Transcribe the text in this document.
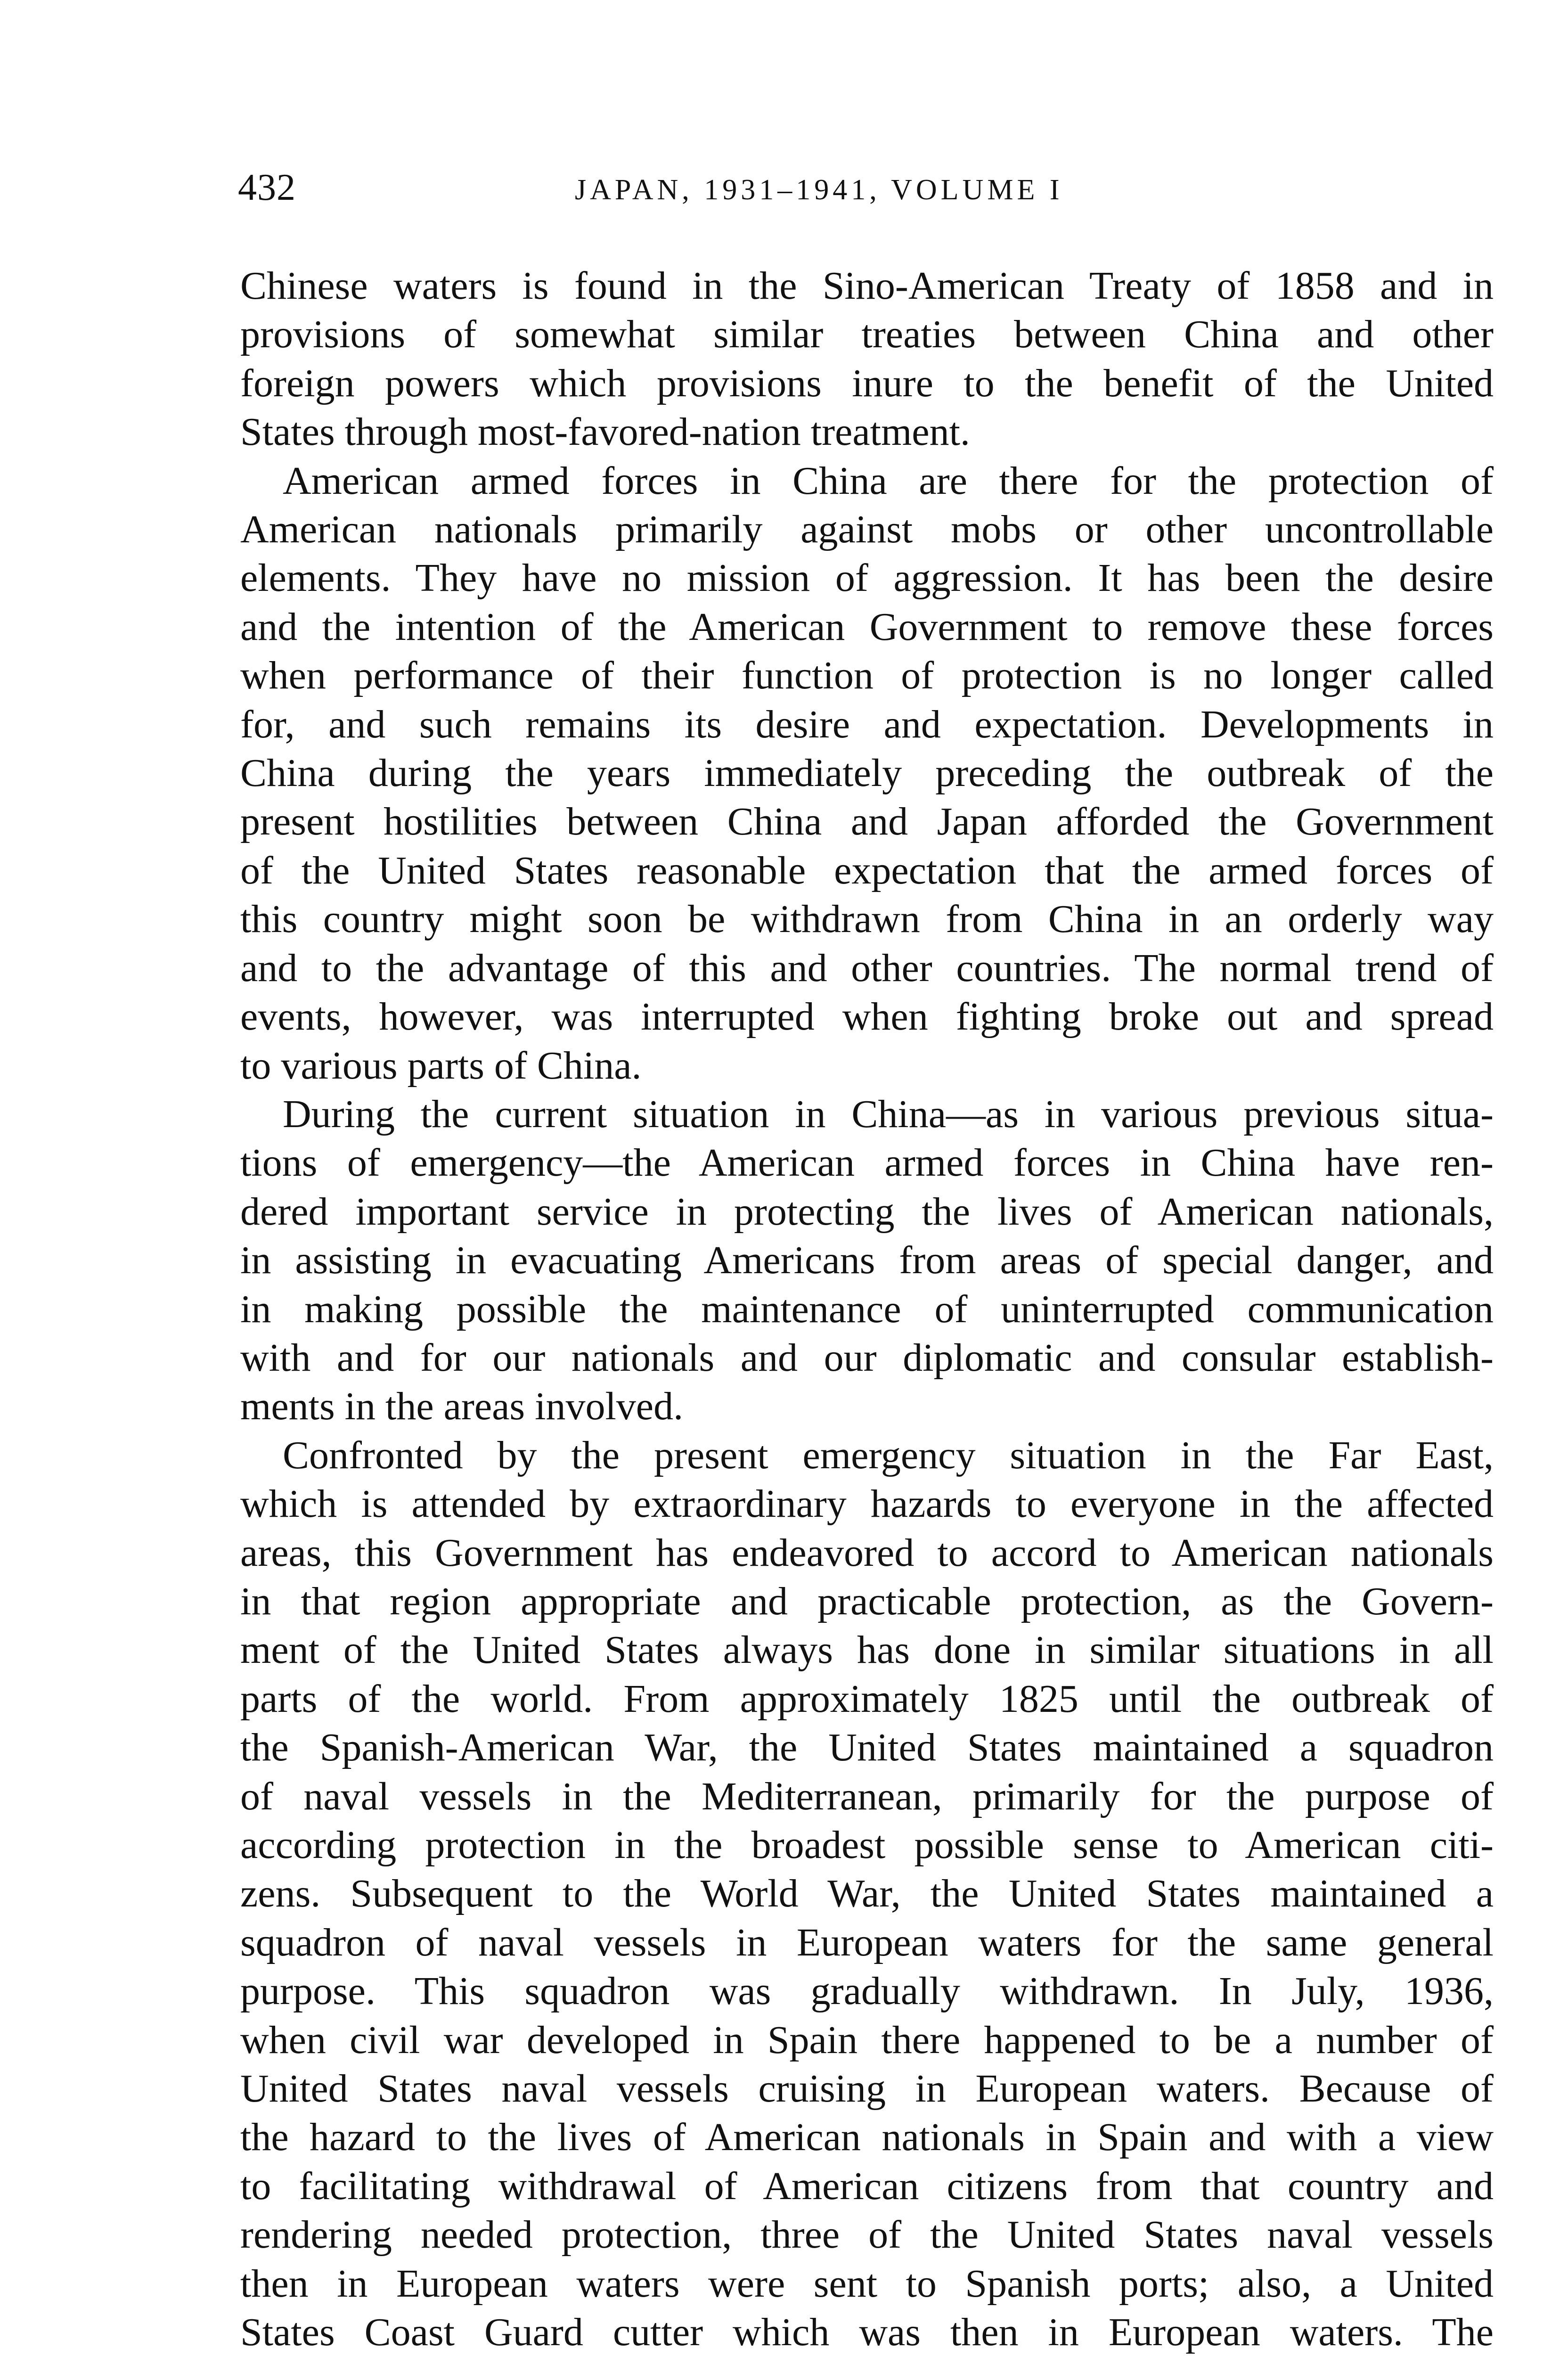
432	JAPAN, 1931–1941, VOLUME I
Chinese waters is found in the Sino-American Treaty of 1858 and in
provisions of somewhat similar treaties between China and other
foreign powers which provisions inure to the benefit of the United
States through most-favored-nation treatment.
American armed forces in China are there for the protection of
American nationals primarily against mobs or other uncontrollable
elements. They have no mission of aggression. It has been the desire
and the intention of the American Government to remove these forces
when performance of their function of protection is no longer called
for, and such remains its desire and expectation. Developments in
China during the years immediately preceding the outbreak of the
present hostilities between China and Japan afforded the Government
of the United States reasonable expectation that the armed forces of
this country might soon be withdrawn from China in an orderly way
and to the advantage of this and other countries. The normal trend of
events, however, was interrupted when fighting broke out and spread
to various parts of China.
During the current situation in China—as in various previous situa-
tions of emergency—the American armed forces in China have ren-
dered important service in protecting the lives of American nationals,
in assisting in evacuating Americans from areas of special danger, and
in making possible the maintenance of uninterrupted communication
with and for our nationals and our diplomatic and consular establish-
ments in the areas involved.
Confronted by the present emergency situation in the Far East,
which is attended by extraordinary hazards to everyone in the affected
areas, this Government has endeavored to accord to American nationals
in that region appropriate and practicable protection, as the Govern-
ment of the United States always has done in similar situations in all
parts of the world. From approximately 1825 until the outbreak of
the Spanish-American War, the United States maintained a squadron
of naval vessels in the Mediterranean, primarily for the purpose of
according protection in the broadest possible sense to American citi-
zens. Subsequent to the World War, the United States maintained a
squadron of naval vessels in European waters for the same general
purpose. This squadron was gradually withdrawn. In July, 1936,
when civil war developed in Spain there happened to be a number of
United States naval vessels cruising in European waters. Because of
the hazard to the lives of American nationals in Spain and with a view
to facilitating withdrawal of American citizens from that country and
rendering needed protection, three of the United States naval vessels
then in European waters were sent to Spanish ports; also, a United
States Coast Guard cutter which was then in European waters. The
